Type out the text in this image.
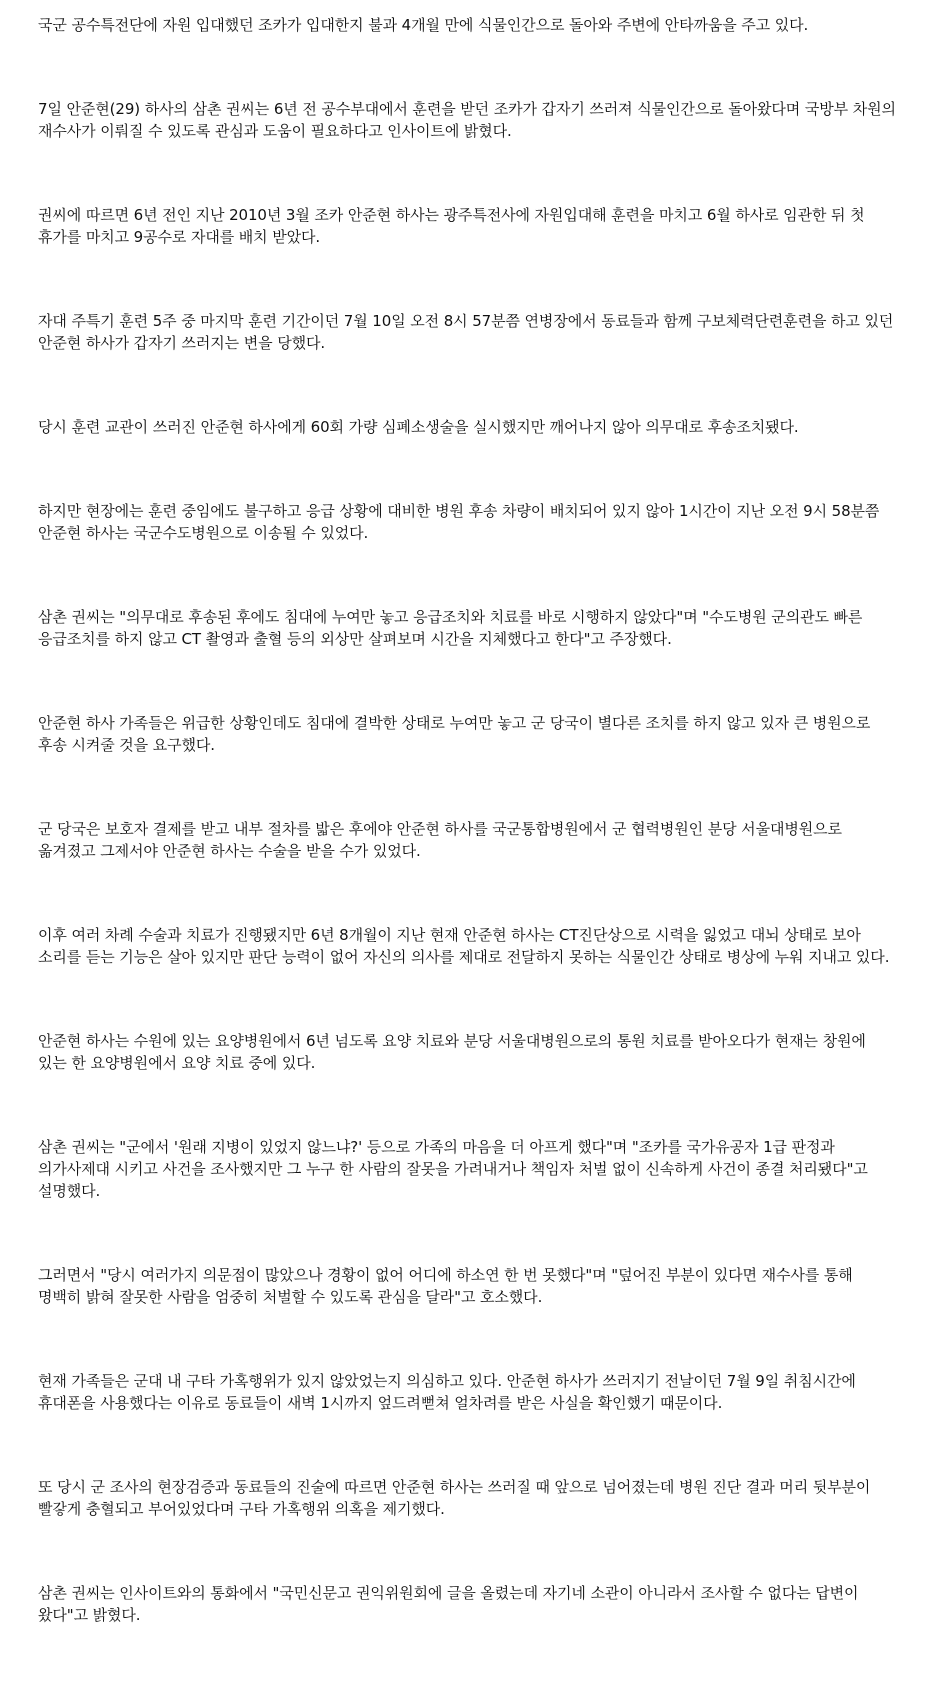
국군 공수특전단에 자원 입대했던 조카가 입대한지 불과 4개월 만에 식물인간으로 돌아와 주변에 안타까움을 주고 있다.

7일 안준현(29) 하사의 삼촌 권씨는 6년 전 공수부대에서 훈련을 받던 조카가 갑자기 쓰러져 식물인간으로 돌아왔다며 국방부 차원의 재수사가 이뤄질 수 있도록 관심과 도움이 필요하다고 인사이트에 밝혔다.

권씨에 따르면 6년 전인 지난 2010년 3월 조카 안준현 하사는 광주특전사에 자원입대해 훈련을 마치고 6월 하사로 임관한 뒤 첫 휴가를 마치고 9공수로 자대를 배치 받았다.

자대 주특기 훈련 5주 중 마지막 훈련 기간이던 7월 10일 오전 8시 57분쯤 연병장에서 동료들과 함께 구보체력단련훈련을 하고 있던 안준현 하사가 갑자기 쓰러지는 변을 당했다.

당시 훈련 교관이 쓰러진 안준현 하사에게 60회 가량 심폐소생술을 실시했지만 깨어나지 않아 의무대로 후송조치됐다.

하지만 현장에는 훈련 중임에도 불구하고 응급 상황에 대비한 병원 후송 차량이 배치되어 있지 않아 1시간이 지난 오전 9시 58분쯤 안준현 하사는 국군수도병원으로 이송될 수 있었다.

삼촌 권씨는 "의무대로 후송된 후에도 침대에 누여만 놓고 응급조치와 치료를 바로 시행하지 않았다"며 "수도병원 군의관도 빠른 응급조치를 하지 않고 CT 촬영과 출혈 등의 외상만 살펴보며 시간을 지체했다고 한다"고 주장했다.

안준현 하사 가족들은 위급한 상황인데도 침대에 결박한 상태로 누여만 놓고 군 당국이 별다른 조치를 하지 않고 있자 큰 병원으로 후송 시켜줄 것을 요구했다.

군 당국은 보호자 결제를 받고 내부 절차를 밟은 후에야 안준현 하사를 국군통합병원에서 군 협력병원인 분당 서울대병원으로 옮겨졌고 그제서야 안준현 하사는 수술을 받을 수가 있었다.

이후 여러 차례 수술과 치료가 진행됐지만 6년 8개월이 지난 현재 안준현 하사는 CT진단상으로 시력을 잃었고 대뇌 상태로 보아 소리를 듣는 기능은 살아 있지만 판단 능력이 없어 자신의 의사를 제대로 전달하지 못하는 식물인간 상태로 병상에 누워 지내고 있다.

안준현 하사는 수원에 있는 요양병원에서 6년 넘도록 요양 치료와 분당 서울대병원으로의 통원 치료를 받아오다가 현재는 창원에 있는 한 요양병원에서 요양 치료 중에 있다.

삼촌 권씨는 "군에서 '원래 지병이 있었지 않느냐?' 등으로 가족의 마음을 더 아프게 했다"며 "조카를 국가유공자 1급 판정과 의가사제대 시키고 사건을 조사했지만 그 누구 한 사람의 잘못을 가려내거나 책임자 처벌 없이 신속하게 사건이 종결 처리됐다"고 설명했다.

그러면서 "당시 여러가지 의문점이 많았으나 경황이 없어 어디에 하소연 한 번 못했다"며 "덮어진 부분이 있다면 재수사를 통해 명백히 밝혀 잘못한 사람을 엄중히 처벌할 수 있도록 관심을 달라"고 호소했다.

현재 가족들은 군대 내 구타 가혹행위가 있지 않았었는지 의심하고 있다. 안준현 하사가 쓰러지기 전날이던 7월 9일 취침시간에 휴대폰을 사용했다는 이유로 동료들이 새벽 1시까지 엎드려뻗쳐 얼차려를 받은 사실을 확인했기 때문이다.

또 당시 군 조사의 현장검증과 동료들의 진술에 따르면 안준현 하사는 쓰러질 때 앞으로 넘어졌는데 병원 진단 결과 머리 뒷부분이 빨갛게 충혈되고 부어있었다며 구타 가혹행위 의혹을 제기했다.

삼촌 권씨는 인사이트와의 통화에서 "국민신문고 권익위원회에 글을 올렸는데 자기네 소관이 아니라서 조사할 수 없다는 답변이 왔다"고 밝혔다.
